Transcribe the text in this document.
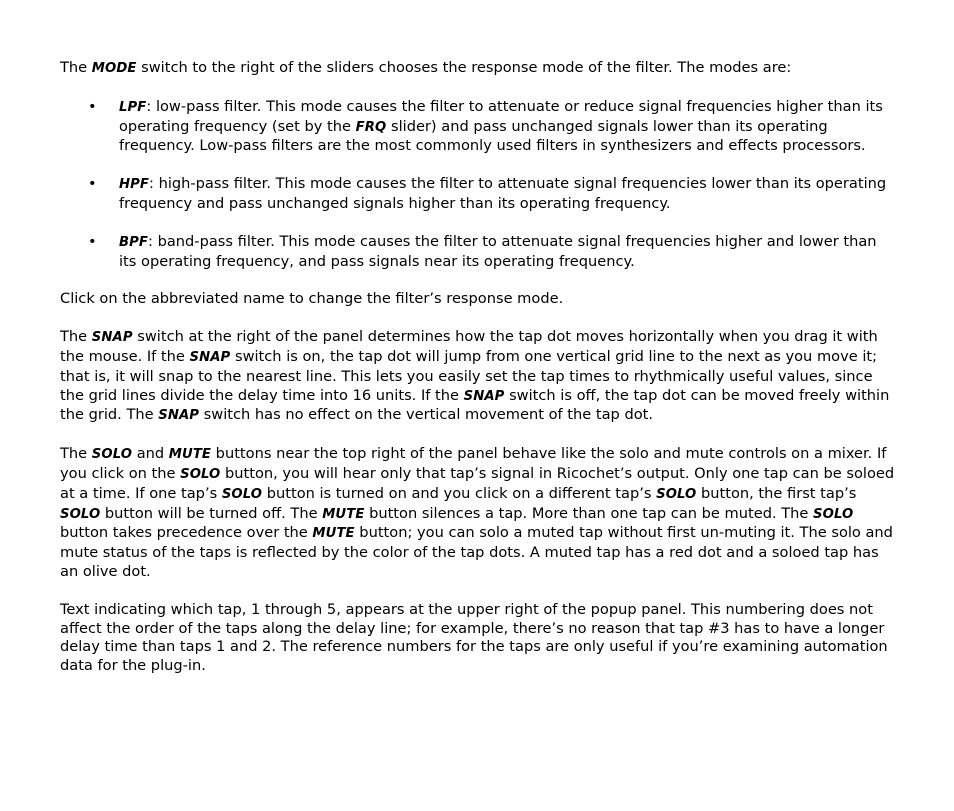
The MODE switch to the right of the sliders chooses the response mode of the filter. The modes are:

• LPF: low-pass filter. This mode causes the filter to attenuate or reduce signal frequencies higher than its operating frequency (set by the FRQ slider) and pass unchanged signals lower than its operating frequency. Low-pass filters are the most commonly used filters in synthesizers and effects processors.
• HPF: high-pass filter. This mode causes the filter to attenuate signal frequencies lower than its operating frequency and pass unchanged signals higher than its operating frequency.
• BPF: band-pass filter. This mode causes the filter to attenuate signal frequencies higher and lower than its operating frequency, and pass signals near its operating frequency.

Click on the abbreviated name to change the filter’s response mode.

The SNAP switch at the right of the panel determines how the tap dot moves horizontally when you drag it with the mouse. If the SNAP switch is on, the tap dot will jump from one vertical grid line to the next as you move it; that is, it will snap to the nearest line. This lets you easily set the tap times to rhythmically useful values, since the grid lines divide the delay time into 16 units. If the SNAP switch is off, the tap dot can be moved freely within the grid. The SNAP switch has no effect on the vertical movement of the tap dot.

The SOLO and MUTE buttons near the top right of the panel behave like the solo and mute controls on a mixer. If you click on the SOLO button, you will hear only that tap’s signal in Ricochet’s output. Only one tap can be soloed at a time. If one tap’s SOLO button is turned on and you click on a different tap’s SOLO button, the first tap’s SOLO button will be turned off. The MUTE button silences a tap. More than one tap can be muted. The SOLO button takes precedence over the MUTE button; you can solo a muted tap without first un-muting it. The solo and mute status of the taps is reflected by the color of the tap dots. A muted tap has a red dot and a soloed tap has an olive dot.

Text indicating which tap, 1 through 5, appears at the upper right of the popup panel. This numbering does not affect the order of the taps along the delay line; for example, there’s no reason that tap #3 has to have a longer delay time than taps 1 and 2. The reference numbers for the taps are only useful if you’re examining automation data for the plug-in.
